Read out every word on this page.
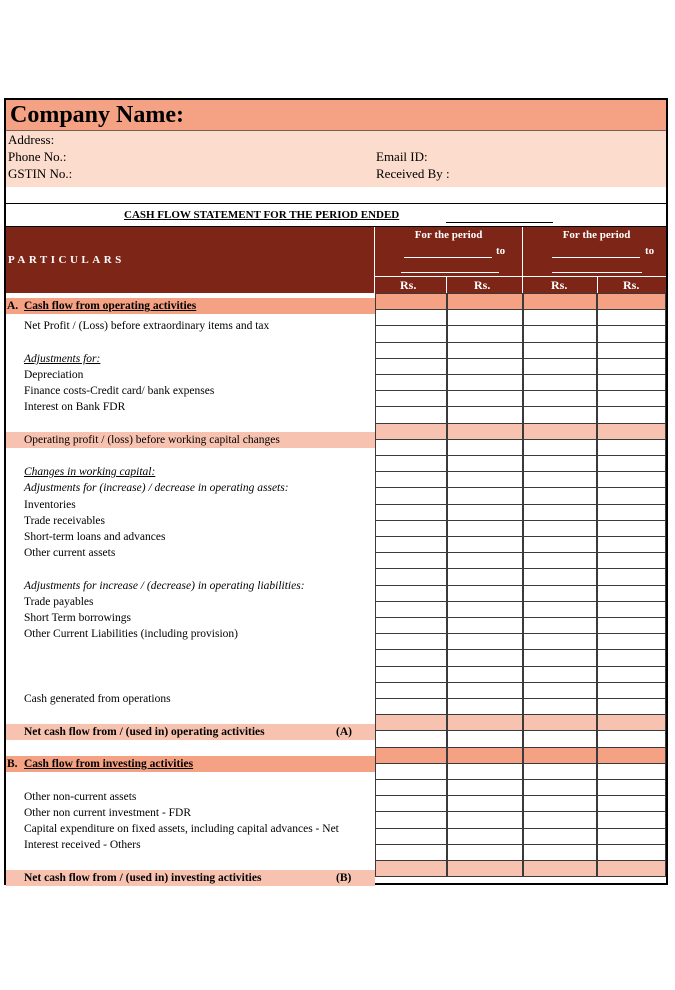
Company Name:
Address:
Phone No.:
GSTIN No.:
Email ID:
Received By :
CASH FLOW STATEMENT FOR THE PERIOD ENDED
PARTICULARS
For the period
to
For the period
to
Rs.	Rs.	Rs.	Rs.
A. Cash flow from operating activities
Net Profit / (Loss) before extraordinary items and tax
Adjustments for:
Depreciation
Finance costs-Credit card/ bank expenses
Interest on Bank FDR
Operating profit / (loss) before working capital changes
Changes in working capital:
Adjustments for (increase) / decrease in operating assets:
Inventories
Trade receivables
Short-term loans and advances
Other current assets
Adjustments for increase / (decrease) in operating liabilities:
Trade payables
Short Term borrowings
Other Current Liabilities (including provision)
Cash generated from operations
Net cash flow from / (used in) operating activities	(A)
B. Cash flow from investing activities
Other non-current assets
Other non current investment - FDR
Capital expenditure on fixed assets, including capital advances - Net
Interest received - Others
Net cash flow from / (used in) investing activities	(B)
